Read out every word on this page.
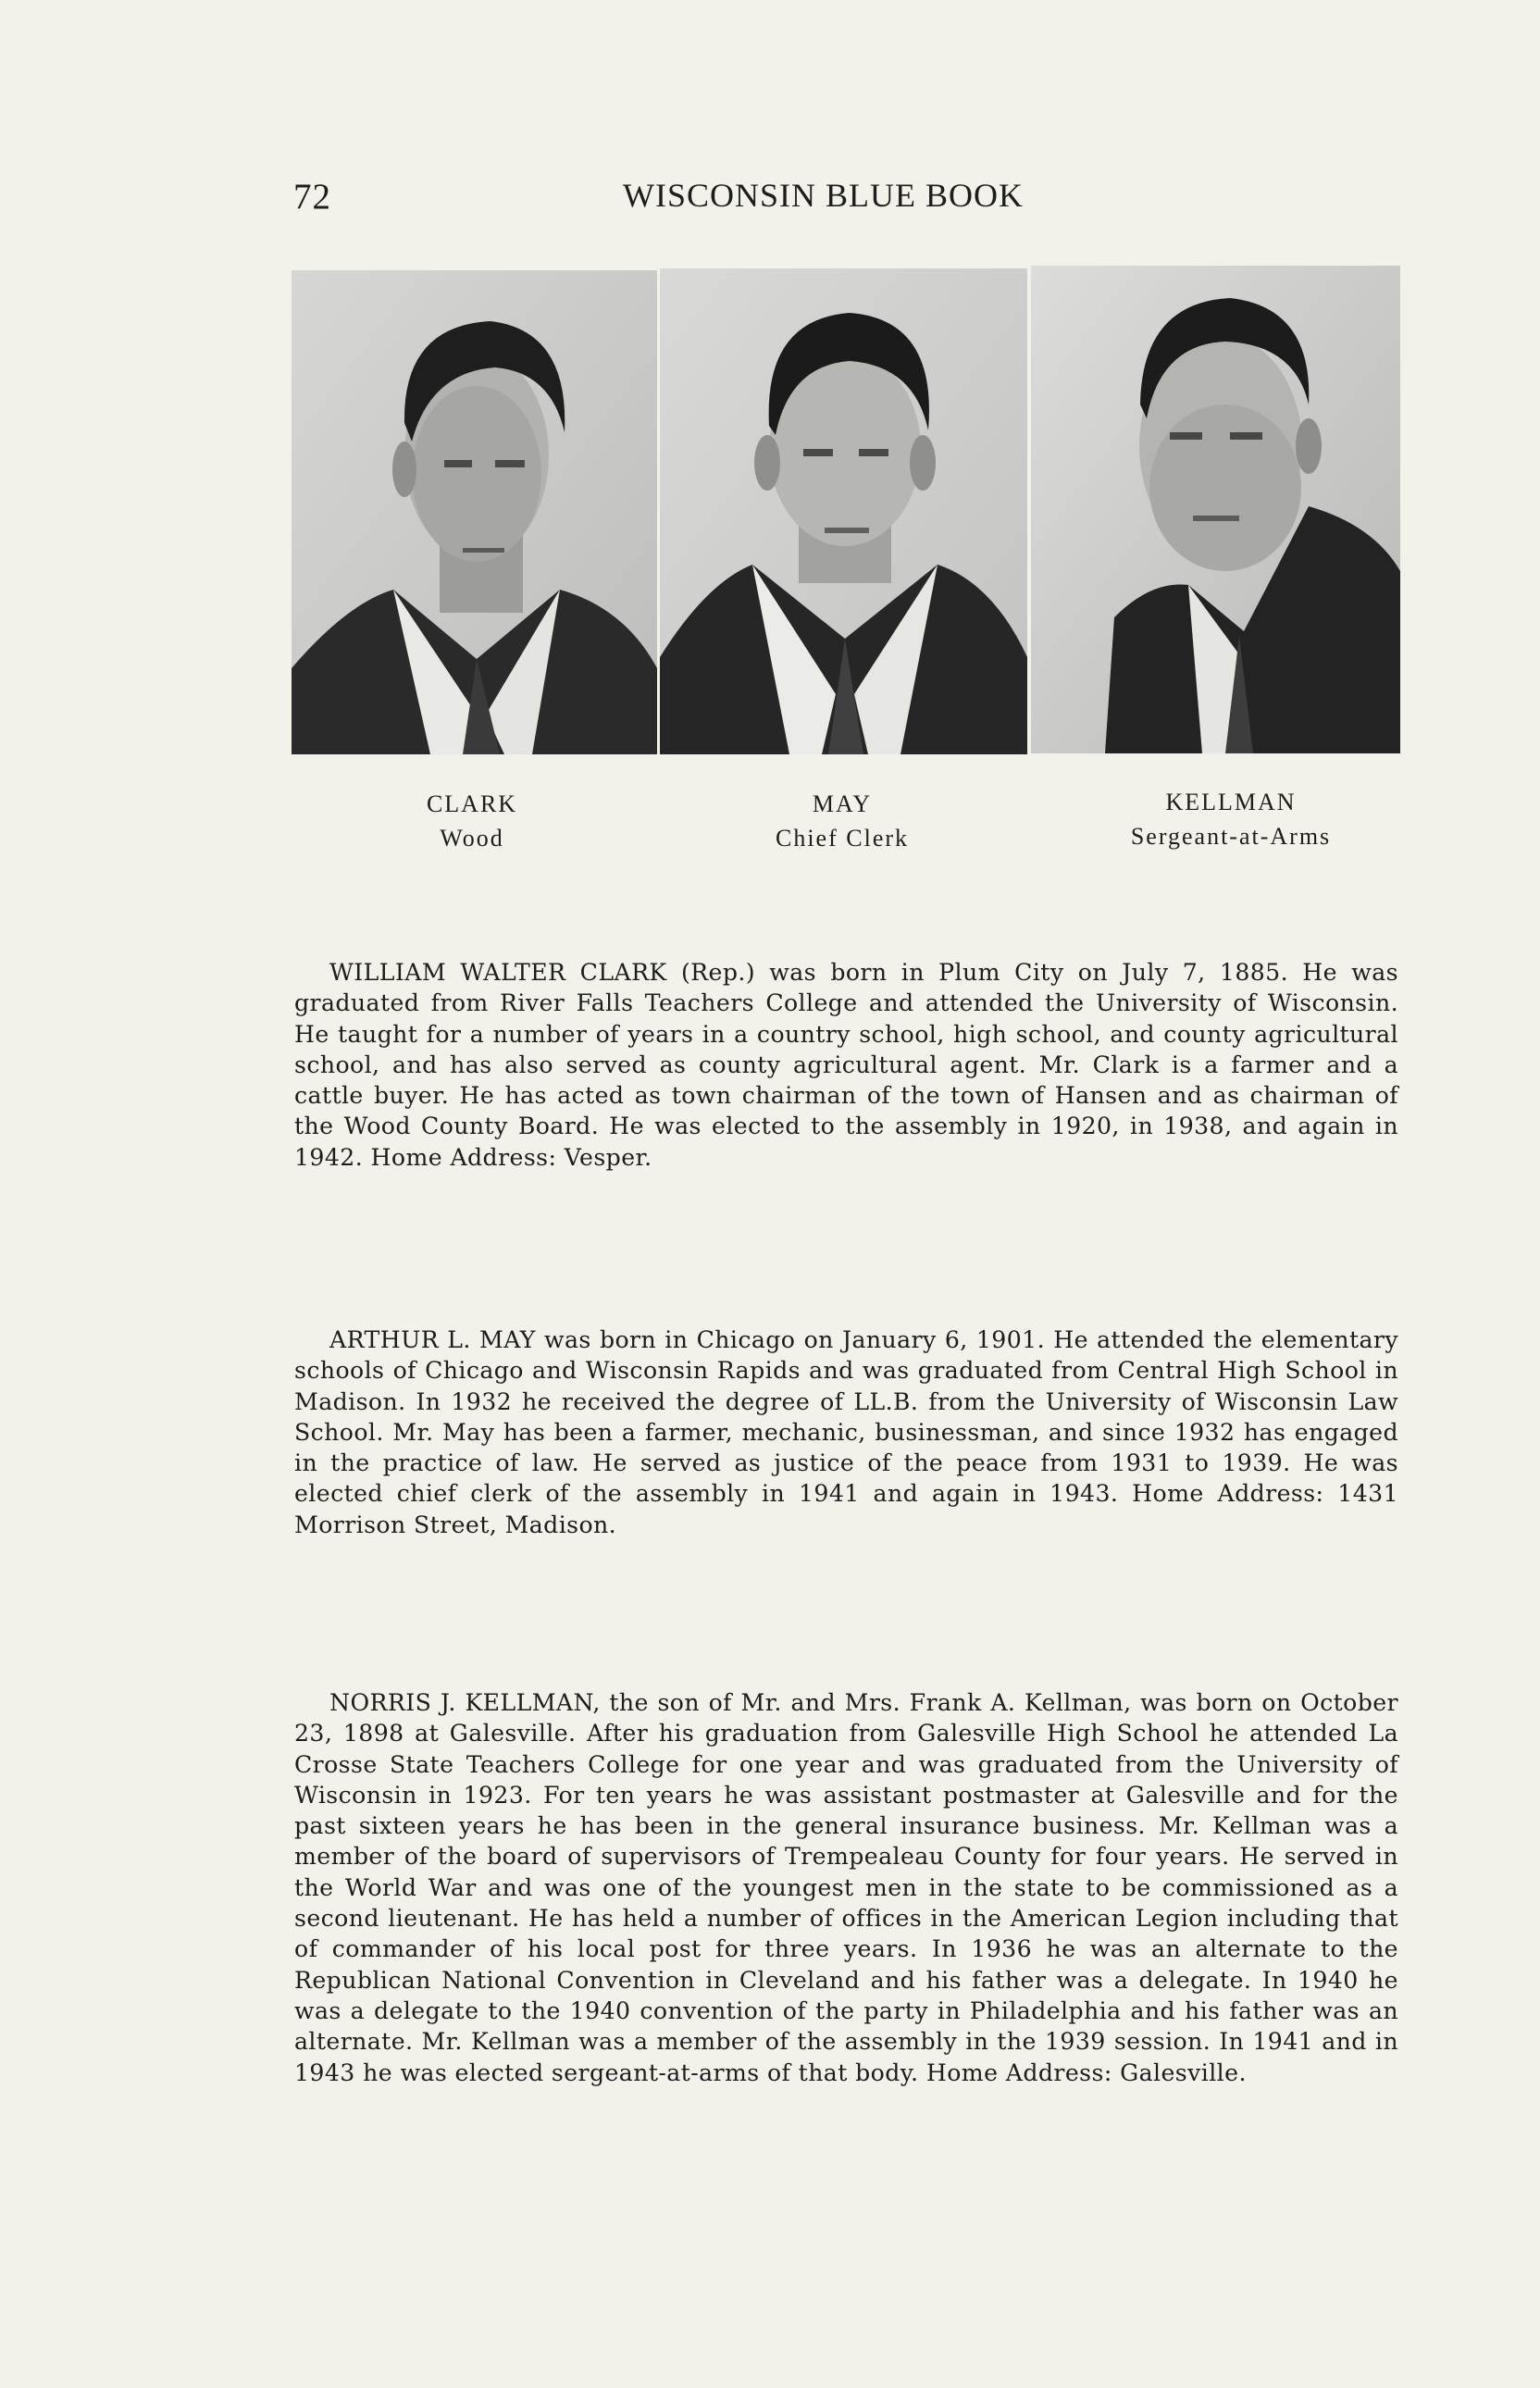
72	WISCONSIN BLUE BOOK
CLARK
Wood
MAY
Chief Clerk
KELLMAN
Sergeant-at-Arms

WILLIAM WALTER CLARK (Rep.) was born in Plum City on July 7, 1885. He was graduated from River Falls Teachers College and attended the University of Wisconsin. He taught for a number of years in a country school, high school, and county agricultural school, and has also served as county agricultural agent. Mr. Clark is a farmer and a cattle buyer. He has acted as town chairman of the town of Hansen and as chairman of the Wood County Board. He was elected to the assembly in 1920, in 1938, and again in 1942. Home Address: Vesper.

ARTHUR L. MAY was born in Chicago on January 6, 1901. He attended the elementary schools of Chicago and Wisconsin Rapids and was graduated from Central High School in Madison. In 1932 he received the degree of LL.B. from the University of Wisconsin Law School. Mr. May has been a farmer, mechanic, businessman, and since 1932 has engaged in the practice of law. He served as justice of the peace from 1931 to 1939. He was elected chief clerk of the assembly in 1941 and again in 1943. Home Address: 1431 Morrison Street, Madison.

NORRIS J. KELLMAN, the son of Mr. and Mrs. Frank A. Kellman, was born on October 23, 1898 at Galesville. After his graduation from Galesville High School he attended La Crosse State Teachers College for one year and was graduated from the University of Wisconsin in 1923. For ten years he was assistant postmaster at Galesville and for the past sixteen years he has been in the general insurance business. Mr. Kellman was a member of the board of supervisors of Trempealeau County for four years. He served in the World War and was one of the youngest men in the state to be commissioned as a second lieutenant. He has held a number of offices in the American Legion including that of commander of his local post for three years. In 1936 he was an alternate to the Republican National Convention in Cleveland and his father was a delegate. In 1940 he was a delegate to the 1940 convention of the party in Philadelphia and his father was an alternate. Mr. Kellman was a member of the assembly in the 1939 session. In 1941 and in 1943 he was elected sergeant-at-arms of that body. Home Address: Galesville.
